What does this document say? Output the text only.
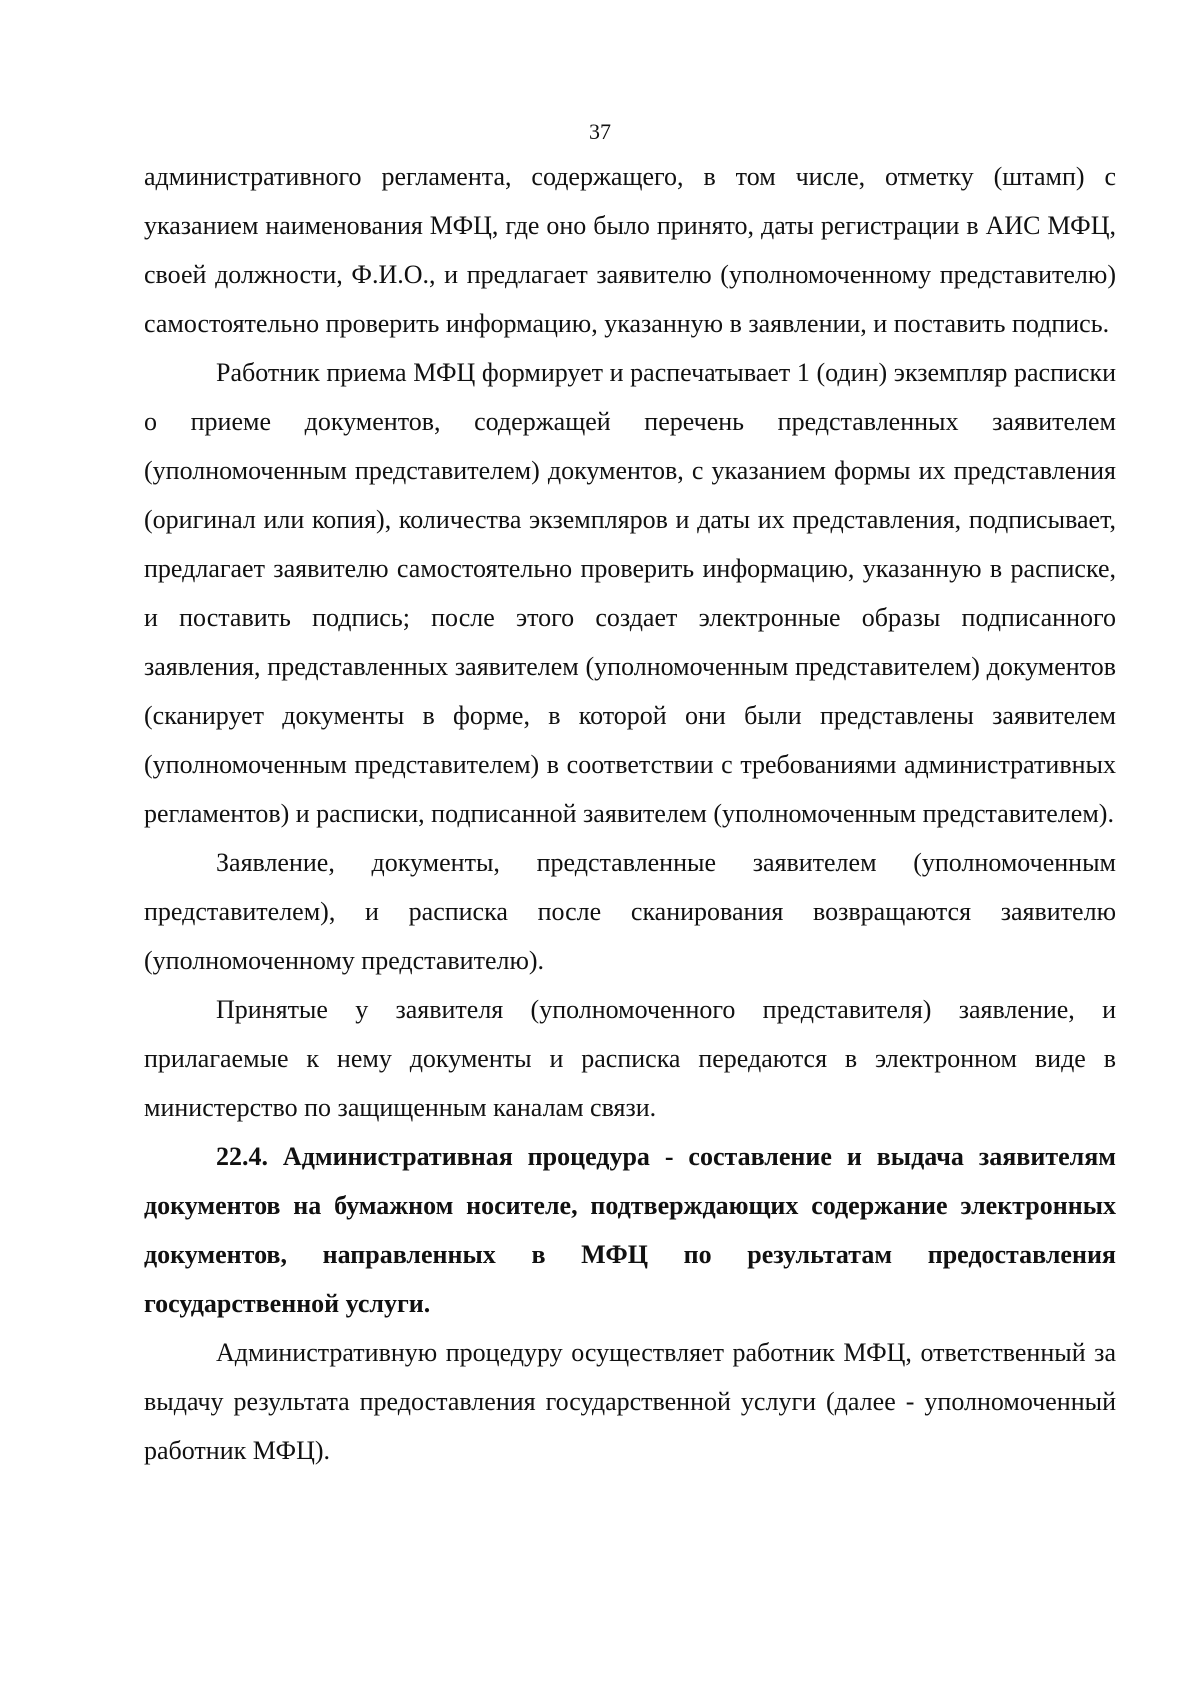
37

административного регламента, содержащего, в том числе, отметку (штамп) с указанием наименования МФЦ, где оно было принято, даты регистрации в АИС МФЦ, своей должности, Ф.И.О., и предлагает заявителю (уполномоченному представителю) самостоятельно проверить информацию, указанную в заявлении, и поставить подпись.

Работник приема МФЦ формирует и распечатывает 1 (один) экземпляр расписки о приеме документов, содержащей перечень представленных заявителем (уполномоченным представителем) документов, с указанием формы их представления (оригинал или копия), количества экземпляров и даты их представления, подписывает, предлагает заявителю самостоятельно проверить информацию, указанную в расписке, и поставить подпись; после этого создает электронные образы подписанного заявления, представленных заявителем (уполномоченным представителем) документов (сканирует документы в форме, в которой они были представлены заявителем (уполномоченным представителем) в соответствии с требованиями административных регламентов) и расписки, подписанной заявителем (уполномоченным представителем).

Заявление, документы, представленные заявителем (уполномоченным представителем), и расписка после сканирования возвращаются заявителю (уполномоченному представителю).

Принятые у заявителя (уполномоченного представителя) заявление, и прилагаемые к нему документы и расписка передаются в электронном виде в министерство по защищенным каналам связи.

22.4. Административная процедура - составление и выдача заявителям документов на бумажном носителе, подтверждающих содержание электронных документов, направленных в МФЦ по результатам предоставления государственной услуги.

Административную процедуру осуществляет работник МФЦ, ответственный за выдачу результата предоставления государственной услуги (далее - уполномоченный работник МФЦ).
